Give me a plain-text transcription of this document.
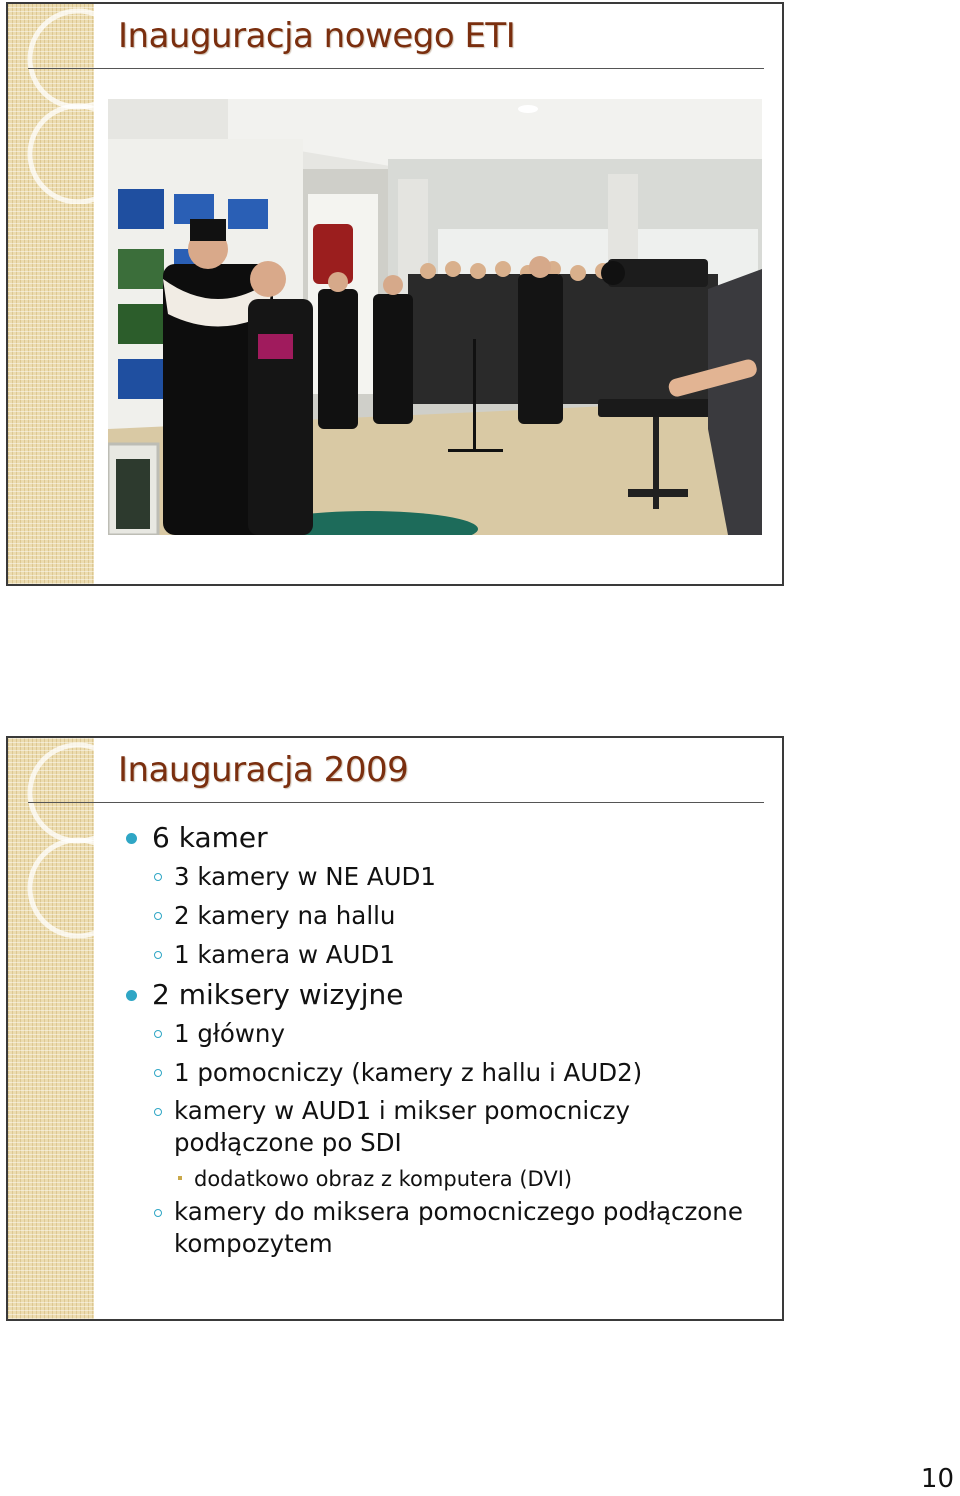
Inauguracja nowego ETI
Inauguracja 2009
6 kamer
3 kamery w NE AUD1
2 kamery na hallu
1 kamera w AUD1
2 miksery wizyjne
1 główny
1 pomocniczy (kamery z hallu i AUD2)
kamery w AUD1 i mikser pomocniczy podłączone po SDI
dodatkowo obraz z komputera (DVI)
kamery do miksera pomocniczego podłączone kompozytem
10
